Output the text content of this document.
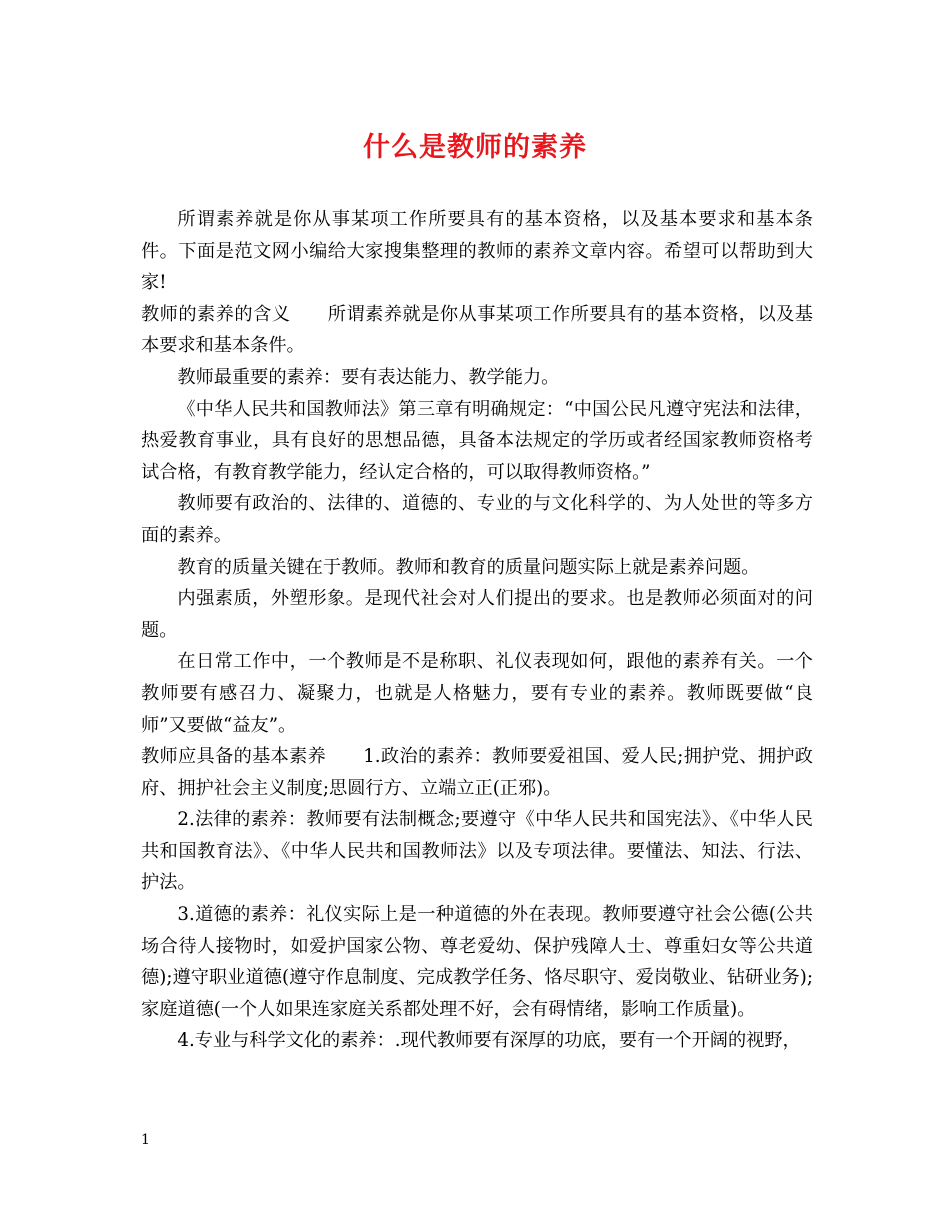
什么是教师的素养

所谓素养就是你从事某项工作所要具有的基本资格，以及基本要求和基本条件。下面是范文网小编给大家搜集整理的教师的素养文章内容。希望可以帮助到大家!

教师的素养的含义　　所谓素养就是你从事某项工作所要具有的基本资格，以及基本要求和基本条件。

教师最重要的素养：要有表达能力、教学能力。

《中华人民共和国教师法》第三章有明确规定：“中国公民凡遵守宪法和法律，热爱教育事业，具有良好的思想品德，具备本法规定的学历或者经国家教师资格考试合格，有教育教学能力，经认定合格的，可以取得教师资格。”

教师要有政治的、法律的、道德的、专业的与文化科学的、为人处世的等多方面的素养。

教育的质量关键在于教师。教师和教育的质量问题实际上就是素养问题。

内强素质，外塑形象。是现代社会对人们提出的要求。也是教师必须面对的问题。

在日常工作中，一个教师是不是称职、礼仪表现如何，跟他的素养有关。一个教师要有感召力、凝聚力，也就是人格魅力，要有专业的素养。教师既要做“良师”又要做“益友”。

教师应具备的基本素养　　1.政治的素养：教师要爱祖国、爱人民;拥护党、拥护政府、拥护社会主义制度;思圆行方、立端立正(正邪)。

2.法律的素养：教师要有法制概念;要遵守《中华人民共和国宪法》、《中华人民共和国教育法》、《中华人民共和国教师法》以及专项法律。要懂法、知法、行法、护法。

3.道德的素养：礼仪实际上是一种道德的外在表现。教师要遵守社会公德(公共场合待人接物时，如爱护国家公物、尊老爱幼、保护残障人士、尊重妇女等公共道德);遵守职业道德(遵守作息制度、完成教学任务、恪尽职守、爱岗敬业、钻研业务);家庭道德(一个人如果连家庭关系都处理不好，会有碍情绪，影响工作质量)。

4.专业与科学文化的素养：.现代教师要有深厚的功底，要有一个开阔的视野，

1
